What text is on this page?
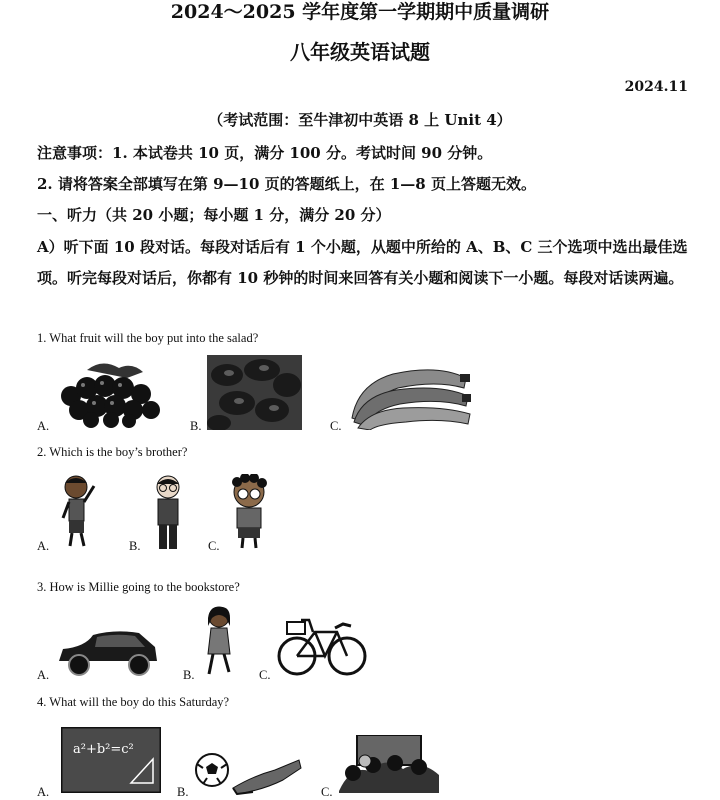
2024～2025 学年度第一学期期中质量调研
八年级英语试题
2024.11
（考试范围：至牛津初中英语 8 上 Unit 4）
注意事项：1. 本试卷共 10 页，满分 100 分。考试时间 90 分钟。
2. 请将答案全部填写在第 9—10 页的答题纸上，在 1—8 页上答题无效。
一、听力（共 20 小题；每小题 1 分，满分 20 分）
A）听下面 10 段对话。每段对话后有 1 个小题，从题中所给的 A、B、C 三个选项中选出最佳选项。听完每段对话后，你都有 10 秒钟的时间来回答有关小题和阅读下一小题。每段对话读两遍。
1. What fruit will the boy put into the salad?
A.	B.	C.
2. Which is the boy’s brother?
A.	B.	C.
3. How is Millie going to the bookstore?
A.	B.	C.
4. What will the boy do this Saturday?
A.
a²+b²=c²
B.	C.
